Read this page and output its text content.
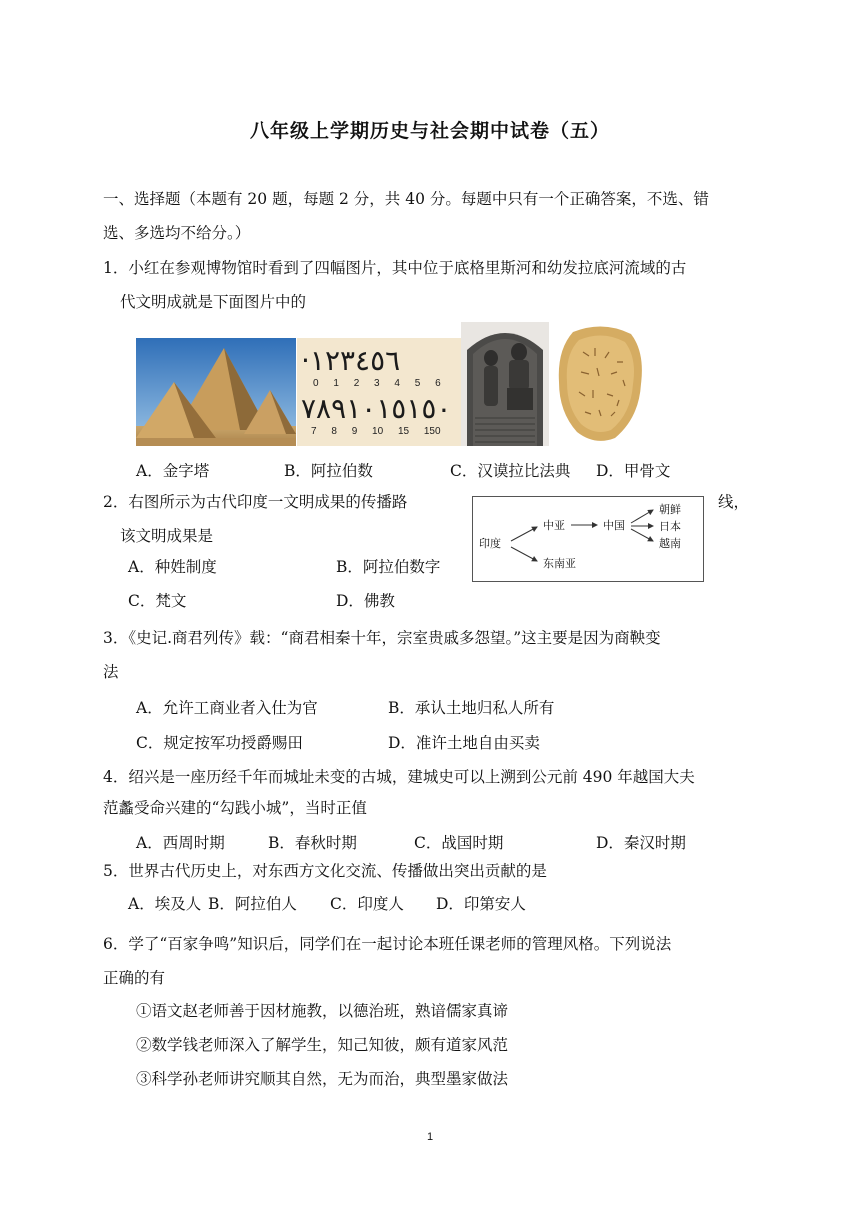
八年级上学期历史与社会期中试卷（五）
一、选择题（本题有 20 题，每题 2 分，共 40 分。每题中只有一个正确答案，不选、错
选、多选均不给分。）
1．小红在参观博物馆时看到了四幅图片，其中位于底格里斯河和幼发拉底河流域的古
代文明成就是下面图片中的
·١٢٣٤٥٦
0 1 2 3 4 5 6
٧٨٩١٠١٥١٥٠
7 8 9 10 15 150
A．金字塔	B．阿拉伯数	C．汉谟拉比法典 D．甲骨文
2．右图所示为古代印度一文明成果的传播路	线，
该文明成果是	印度
中亚
东南亚
中国
朝鲜
日本
越南
A．种姓制度	B．阿拉伯数字
C．梵文	D．佛教
3．《史记.商君列传》载：“商君相秦十年，宗室贵戚多怨望。”这主要是因为商鞅变
法
A．允许工商业者入仕为官	B．承认土地归私人所有
C．规定按军功授爵赐田	D．准许土地自由买卖
4．绍兴是一座历经千年而城址未变的古城，建城史可以上溯到公元前 490 年越国大夫
范蠡受命兴建的“勾践小城”，当时正值
A．西周时期	B．春秋时期	C．战国时期	D．秦汉时期
5．世界古代历史上，对东西方文化交流、传播做出突出贡献的是
A．埃及人 B．阿拉伯人 C．印度人 D．印第安人
6．学了“百家争鸣”知识后，同学们在一起讨论本班任课老师的管理风格。下列说法
正确的有
①语文赵老师善于因材施教，以德治班，熟谙儒家真谛
②数学钱老师深入了解学生，知己知彼，颇有道家风范
③科学孙老师讲究顺其自然，无为而治，典型墨家做法
1
